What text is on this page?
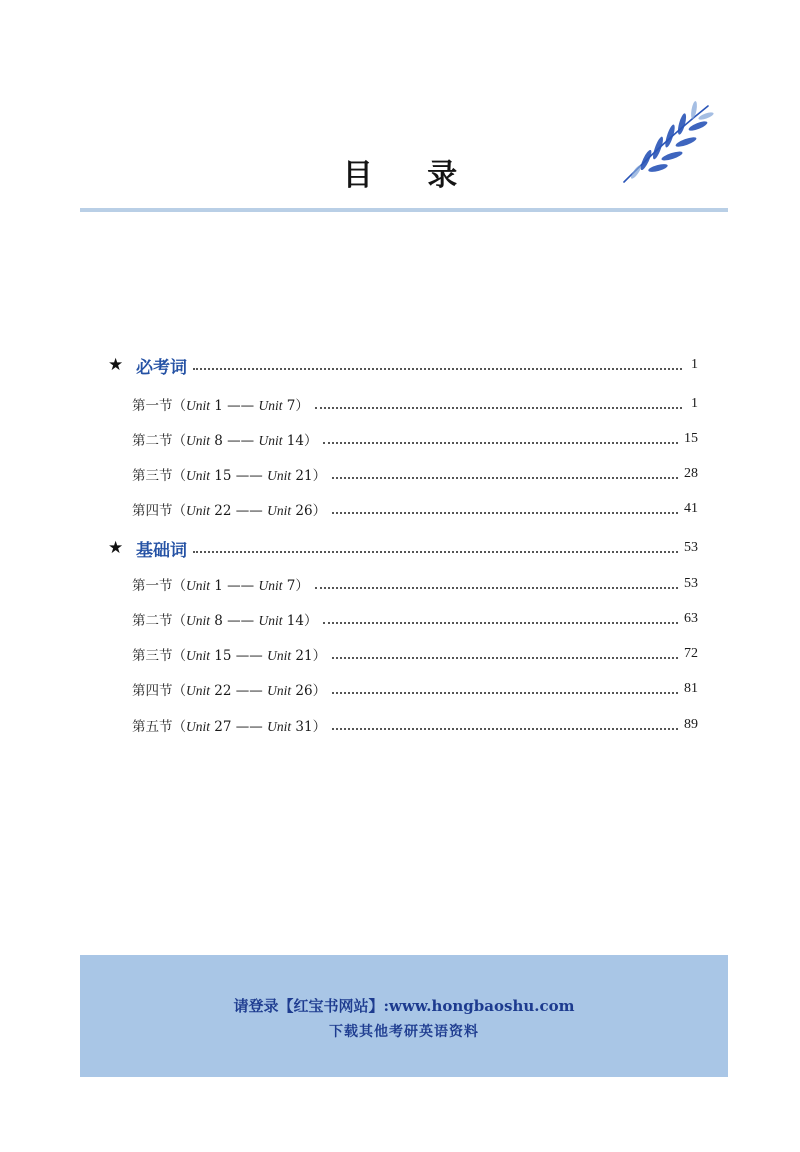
目 录
★ 必考词	1
第一节（Unit 1 —— Unit 7）	1
第二节（Unit 8 —— Unit 14）	15
第三节（Unit 15 —— Unit 21）	28
第四节（Unit 22 —— Unit 26）	41
★ 基础词	53
第一节（Unit 1 —— Unit 7）	53
第二节（Unit 8 —— Unit 14）	63
第三节（Unit 15 —— Unit 21）	72
第四节（Unit 22 —— Unit 26）	81
第五节（Unit 27 —— Unit 31）	89
请登录【红宝书网站】:www.hongbaoshu.com
下载其他考研英语资料
